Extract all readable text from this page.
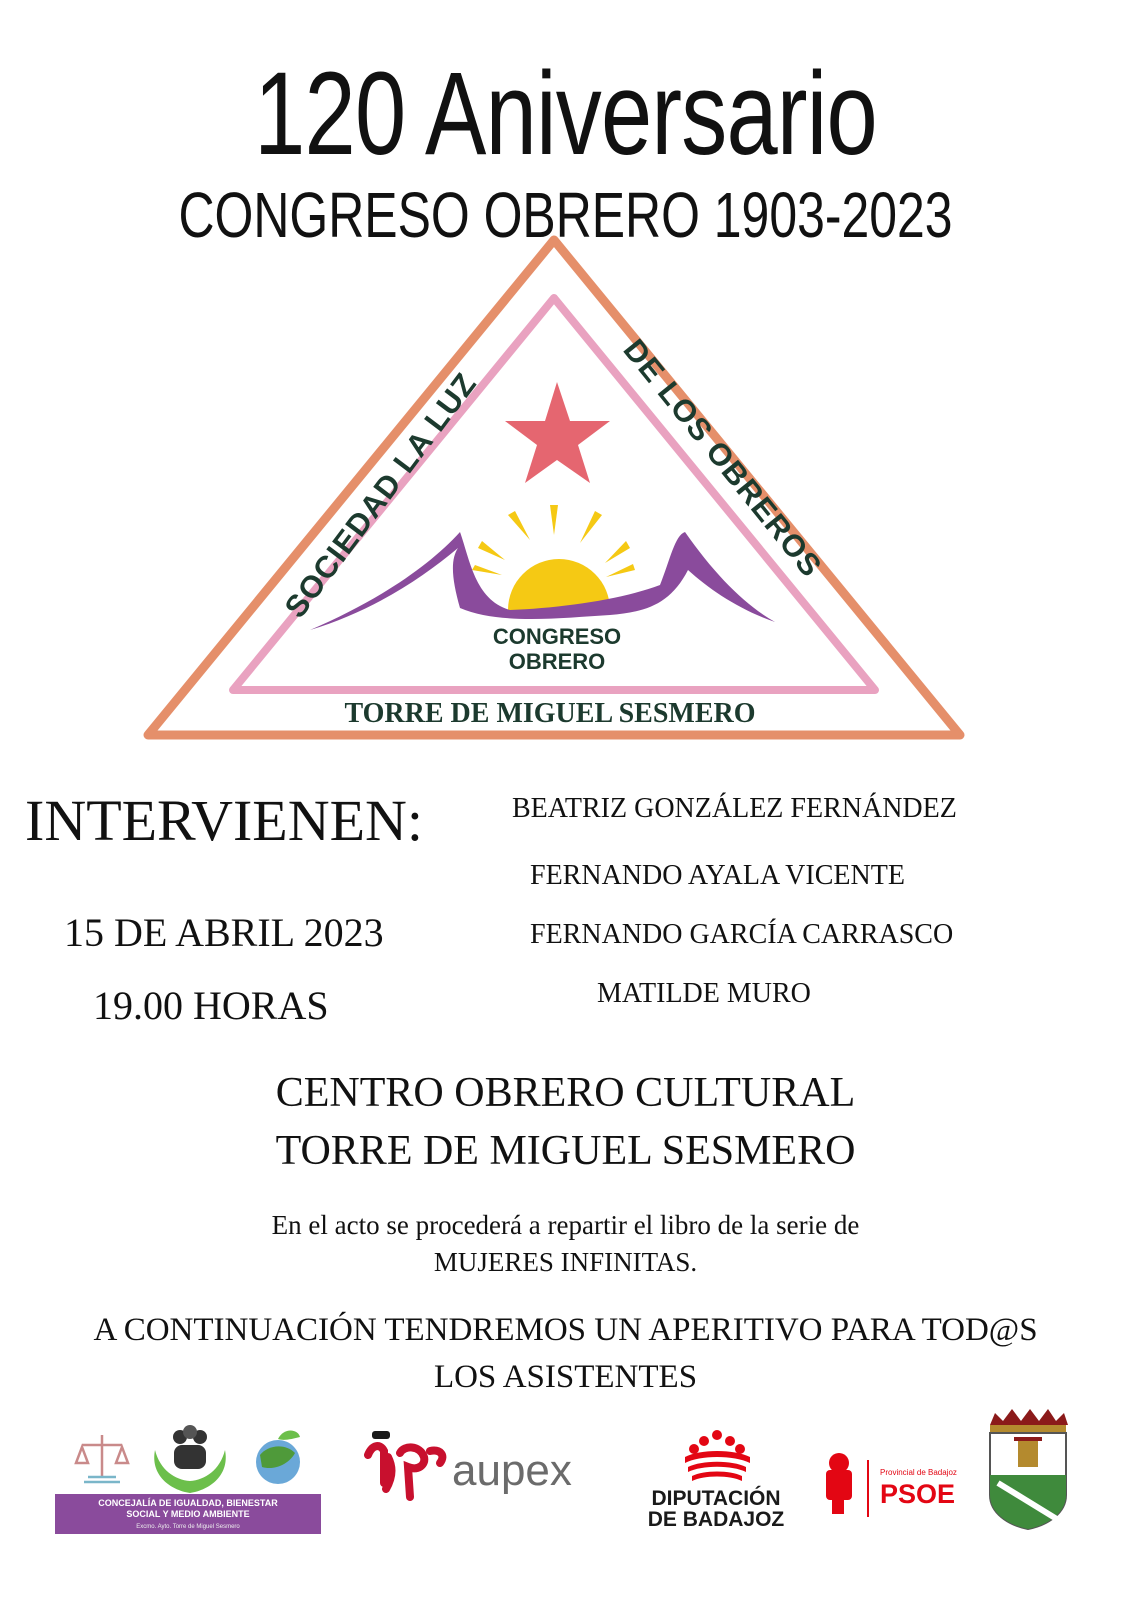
120 Aniversario
CONGRESO OBRERO 1903-2023
SOCIEDAD LA LUZ
DE LOS OBREROS
CONGRESO
OBRERO
TORRE DE MIGUEL SESMERO
INTERVIENEN:
15 DE ABRIL 2023
19.00 HORAS
BEATRIZ GONZÁLEZ FERNÁNDEZ
FERNANDO AYALA VICENTE
FERNANDO GARCÍA CARRASCO
MATILDE MURO
CENTRO OBRERO CULTURAL
TORRE DE MIGUEL SESMERO
En el acto se procederá a repartir el libro de la serie de
MUJERES INFINITAS.
A CONTINUACIÓN TENDREMOS UN APERITIVO PARA TOD@S
LOS ASISTENTES
CONCEJALÍA DE IGUALDAD, BIENESTAR
SOCIAL Y MEDIO AMBIENTE
Excmo. Ayto. Torre de Miguel Sesmero
aupex
DIPUTACIÓN
DE BADAJOZ
Provincial de Badajoz
PSOE
